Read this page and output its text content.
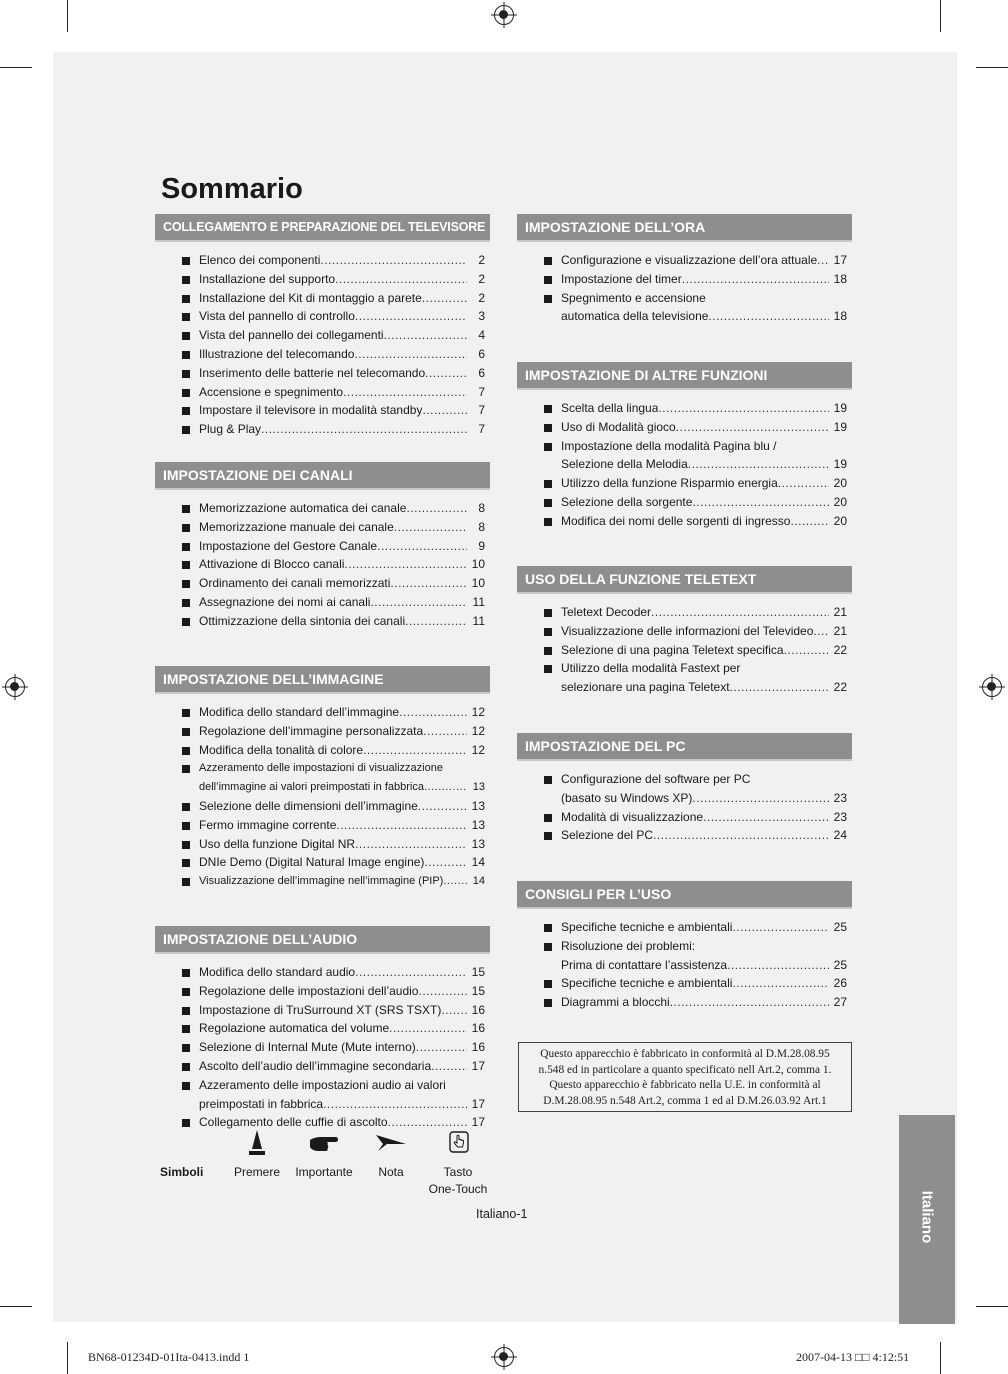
Sommario
COLLEGAMENTO E PREPARAZIONE DEL TELEVISORE
Elenco dei componenti .....	2
Installazione del supporto .....	2
Installazione del Kit di montaggio a parete .....	2
Vista del pannello di controllo .....	3
Vista del pannello dei collegamenti .....	4
Illustrazione del telecomando .....	6
Inserimento delle batterie nel telecomando .....	6
Accensione e spegnimento .....	7
Impostare il televisore in modalità standby .....	7
Plug & Play .....	7
IMPOSTAZIONE DEI CANALI
Memorizzazione automatica dei canale .....	8
Memorizzazione manuale dei canale .....	8
Impostazione del Gestore Canale .....	9
Attivazione di Blocco canali .....	10
Ordinamento dei canali memorizzati .....	10
Assegnazione dei nomi ai canali .....	11
Ottimizzazione della sintonia dei canali .....	11
IMPOSTAZIONE DELL’IMMAGINE
Modifica dello standard dell’immagine .....	12
Regolazione dell’immagine personalizzata .....	12
Modifica della tonalità di colore .....	12
Azzeramento delle impostazioni di visualizzazione
dell’immagine ai valori preimpostati in fabbrica .....	13
Selezione delle dimensioni dell’immagine .....	13
Fermo immagine corrente .....	13
Uso della funzione Digital NR .....	13
DNIe Demo (Digital Natural Image engine) .....	14
Visualizzazione dell’immagine nell’immagine (PIP) .....	14
IMPOSTAZIONE DELL’AUDIO
Modifica dello standard audio .....	15
Regolazione delle impostazioni dell’audio .....	15
Impostazione di TruSurround XT (SRS TSXT) .....	16
Regolazione automatica del volume .....	16
Selezione di Internal Mute (Mute interno) .....	16
Ascolto dell’audio dell’immagine secondaria .....	17
Azzeramento delle impostazioni audio ai valori
preimpostati in fabbrica .....	17
Collegamento delle cuffie di ascolto .....	17
IMPOSTAZIONE DELL’ORA
Configurazione e visualizzazione dell’ora attuale .....	17
Impostazione del timer .....	18
Spegnimento e accensione
automatica della televisione .....	18
IMPOSTAZIONE DI ALTRE FUNZIONI
Scelta della lingua .....	19
Uso di Modalità gioco .....	19
Impostazione della modalità Pagina blu /
Selezione della Melodia .....	19
Utilizzo della funzione Risparmio energia .....	20
Selezione della sorgente .....	20
Modifica dei nomi delle sorgenti di ingresso .....	20
USO DELLA FUNZIONE TELETEXT
Teletext Decoder .....	21
Visualizzazione delle informazioni del Televideo .....	21
Selezione di una pagina Teletext specifica .....	22
Utilizzo della modalità Fastext per
selezionare una pagina Teletext .....	22
IMPOSTAZIONE DEL PC
Configurazione del software per PC
(basato su Windows XP) .....	23
Modalità di visualizzazione .....	23
Selezione del PC .....	24
CONSIGLI PER L’USO
Specifiche tecniche e ambientali .....	25
Risoluzione dei problemi:
Prima di contattare l’assistenza .....	25
Specifiche tecniche e ambientali .....	26
Diagrammi a blocchi .....	27
Questo apparecchio è fabbricato in conformità al D.M.28.08.95
n.548 ed in particolare a quanto specificato nell Art.2, comma 1.
Questo apparecchio è fabbricato nella U.E. in conformità al
D.M.28.08.95 n.548 Art.2, comma 1 ed al D.M.26.03.92 Art.1
Simboli	Premere	Importante	Nota	Tasto
One-Touch
Italiano-1	Italiano
BN68-01234D-01Ita-0413.indd 1	2007-04-13 □□ 4:12:51
